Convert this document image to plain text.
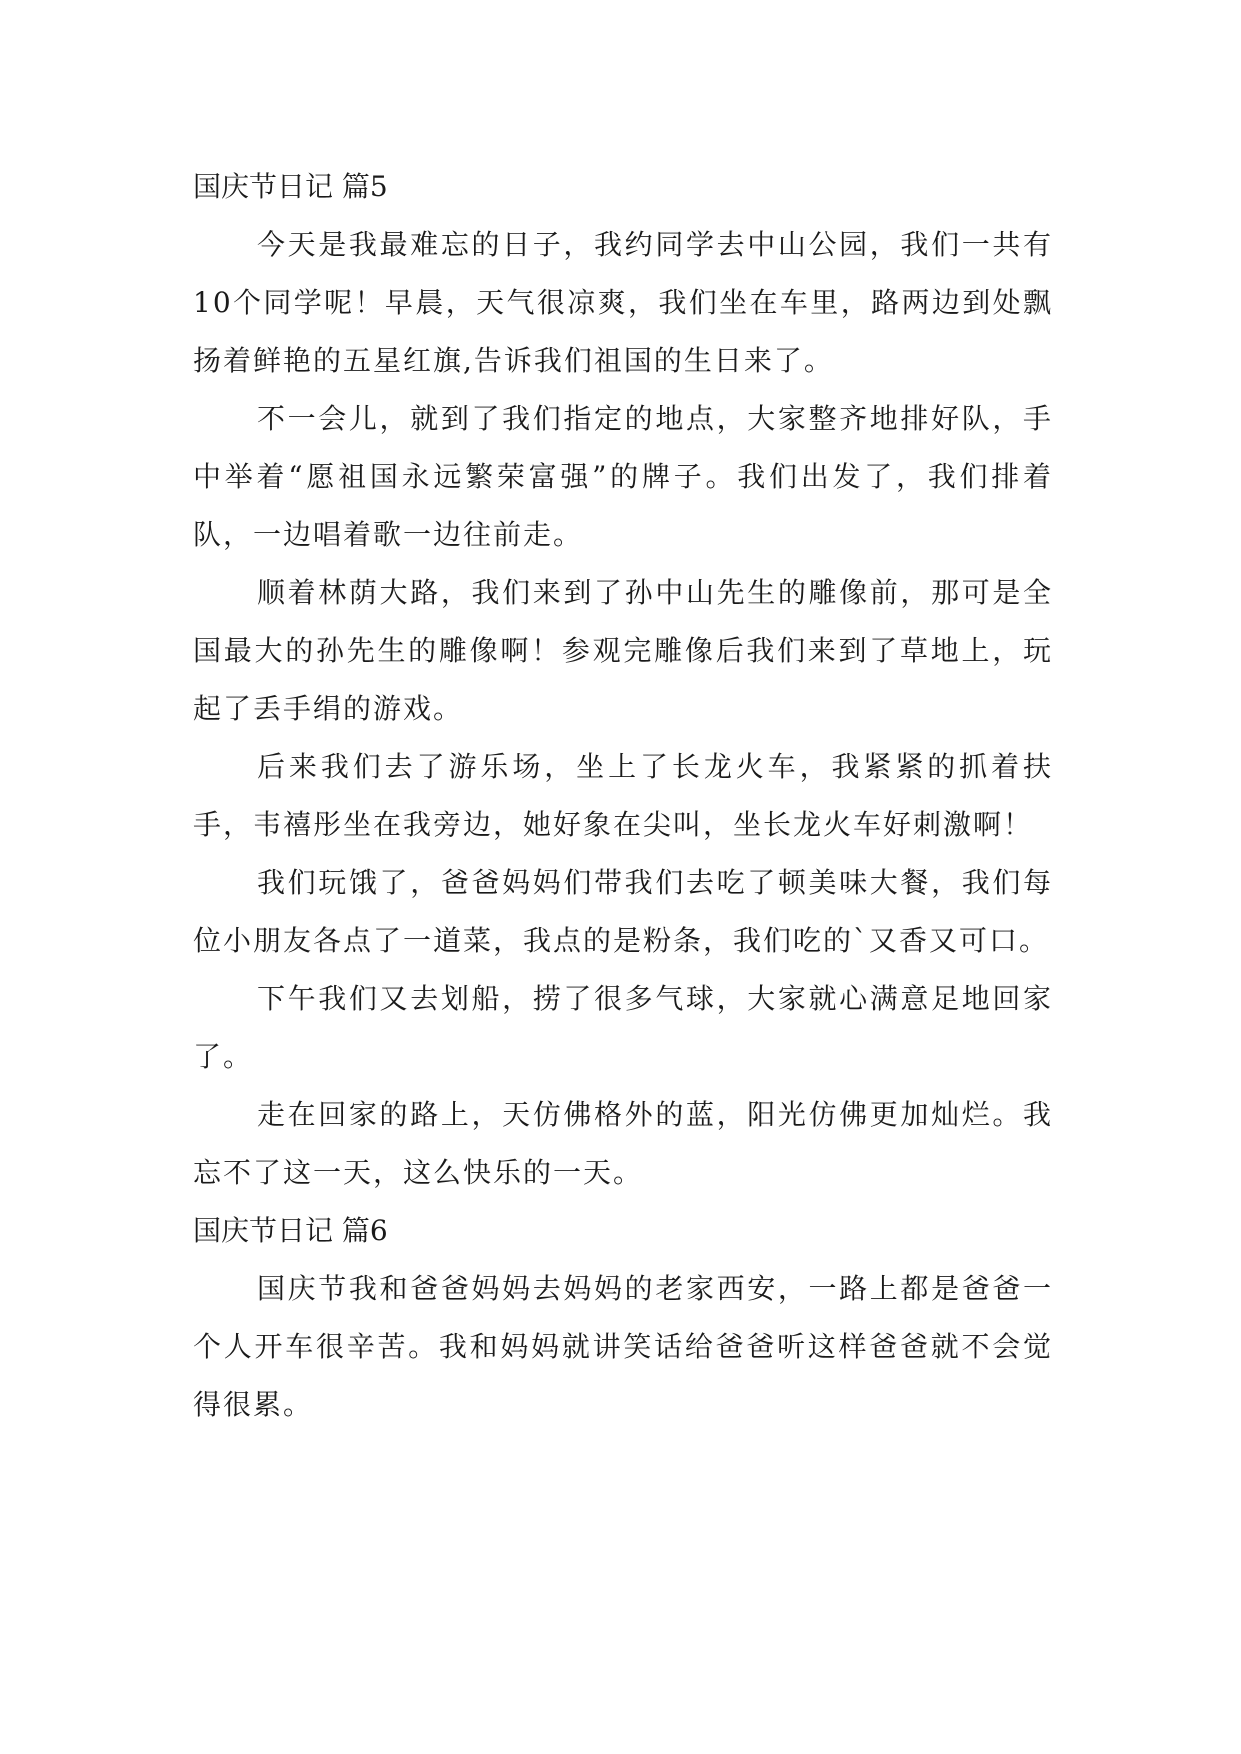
国庆节日记 篇5

今天是我最难忘的日子，我约同学去中山公园，我们一共有10个同学呢！早晨，天气很凉爽，我们坐在车里，路两边到处飘扬着鲜艳的五星红旗,告诉我们祖国的生日来了。

不一会儿，就到了我们指定的地点，大家整齐地排好队，手中举着“愿祖国永远繁荣富强”的牌子。我们出发了，我们排着队，一边唱着歌一边往前走。

顺着林荫大路，我们来到了孙中山先生的雕像前，那可是全国最大的孙先生的雕像啊！参观完雕像后我们来到了草地上，玩起了丢手绢的游戏。

后来我们去了游乐场，坐上了长龙火车，我紧紧的抓着扶手，韦禧彤坐在我旁边，她好象在尖叫，坐长龙火车好刺激啊！

我们玩饿了，爸爸妈妈们带我们去吃了顿美味大餐，我们每位小朋友各点了一道菜，我点的是粉条，我们吃的`又香又可口。

下午我们又去划船，捞了很多气球，大家就心满意足地回家了。

走在回家的路上，天仿佛格外的蓝，阳光仿佛更加灿烂。我忘不了这一天，这么快乐的一天。

国庆节日记 篇6

国庆节我和爸爸妈妈去妈妈的老家西安，一路上都是爸爸一个人开车很辛苦。我和妈妈就讲笑话给爸爸听这样爸爸就不会觉得很累。
